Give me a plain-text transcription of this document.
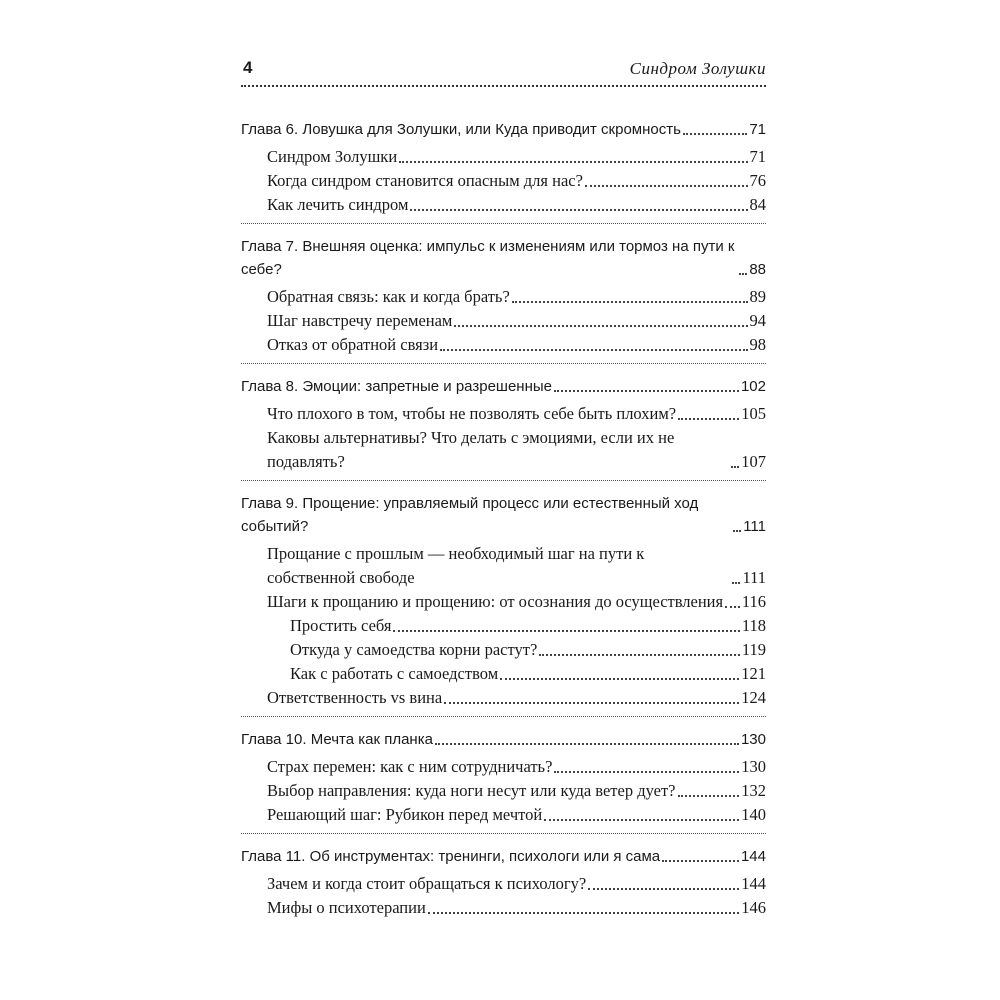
4	Синдром Золушки
Глава 6. Ловушка для Золушки, или Куда приводит скромность	71
Синдром Золушки	71
Когда синдром становится опасным для нас?	76
Как лечить синдром	84
Глава 7. Внешняя оценка: импульс к изменениям или тормоз на пути к себе?	88
Обратная связь: как и когда брать?	89
Шаг навстречу переменам	94
Отказ от обратной связи	98
Глава 8. Эмоции: запретные и разрешенные	102
Что плохого в том, чтобы не позволять себе быть плохим?	105
Каковы альтернативы? Что делать с эмоциями, если их не подавлять?	107
Глава 9. Прощение: управляемый процесс или естественный ход событий?	111
Прощание с прошлым — необходимый шаг на пути к собственной свободе	111
Шаги к прощанию и прощению: от осознания до осуществления 116
Простить себя	118
Откуда у самоедства корни растут?	119
Как с работать с самоедством	121
Ответственность vs вина	124
Глава 10. Мечта как планка	130
Страх перемен: как с ним сотрудничать?	130
Выбор направления: куда ноги несут или куда ветер дует?	132
Решающий шаг: Рубикон перед мечтой	140
Глава 11. Об инструментах: тренинги, психологи или я сама	144
Зачем и когда стоит обращаться к психологу?	144
Мифы о психотерапии	146
